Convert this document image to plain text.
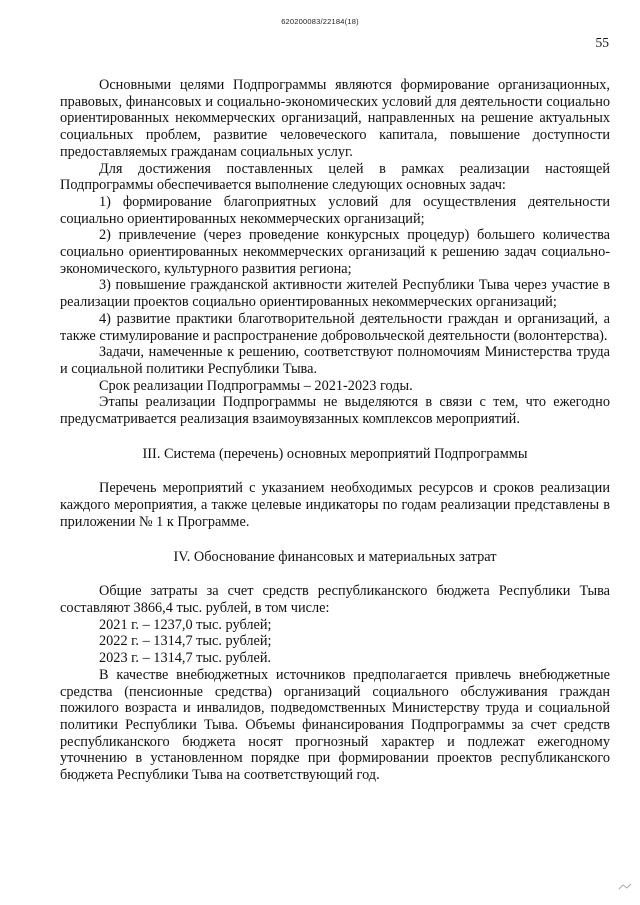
620200083/22184(18)
55

Основными целями Подпрограммы являются формирование организационных, правовых, финансовых и социально-экономических условий для деятельности социально ориентированных некоммерческих организаций, направленных на решение актуальных социальных проблем, развитие человеческого капитала, повышение доступности предоставляемых гражданам социальных услуг.

Для достижения поставленных целей в рамках реализации настоящей Подпрограммы обеспечивается выполнение следующих основных задач:

1) формирование благоприятных условий для осуществления деятельности социально ориентированных некоммерческих организаций;

2) привлечение (через проведение конкурсных процедур) большего количества социально ориентированных некоммерческих организаций к решению задач социально-экономического, культурного развития региона;

3) повышение гражданской активности жителей Республики Тыва через участие в реализации проектов социально ориентированных некоммерческих организаций;

4) развитие практики благотворительной деятельности граждан и организаций, а также стимулирование и распространение добровольческой деятельности (волонтерства).

Задачи, намеченные к решению, соответствуют полномочиям Министерства труда и социальной политики Республики Тыва.

Срок реализации Подпрограммы – 2021-2023 годы.

Этапы реализации Подпрограммы не выделяются в связи с тем, что ежегодно предусматривается реализация взаимоувязанных комплексов мероприятий.

III. Система (перечень) основных мероприятий Подпрограммы

Перечень мероприятий с указанием необходимых ресурсов и сроков реализации каждого мероприятия, а также целевые индикаторы по годам реализации представлены в приложении № 1 к Программе.

IV. Обоснование финансовых и материальных затрат

Общие затраты за счет средств республиканского бюджета Республики Тыва составляют 3866,4 тыс. рублей, в том числе:

2021 г. – 1237,0 тыс. рублей;

2022 г. – 1314,7 тыс. рублей;

2023 г. – 1314,7 тыс. рублей.

В качестве внебюджетных источников предполагается привлечь внебюджетные средства (пенсионные средства) организаций социального обслуживания граждан пожилого возраста и инвалидов, подведомственных Министерству труда и социальной политики Республики Тыва. Объемы финансирования Подпрограммы за счет средств республиканского бюджета носят прогнозный характер и подлежат ежегодному уточнению в установленном порядке при формировании проектов республиканского бюджета Республики Тыва на соответствующий год.
